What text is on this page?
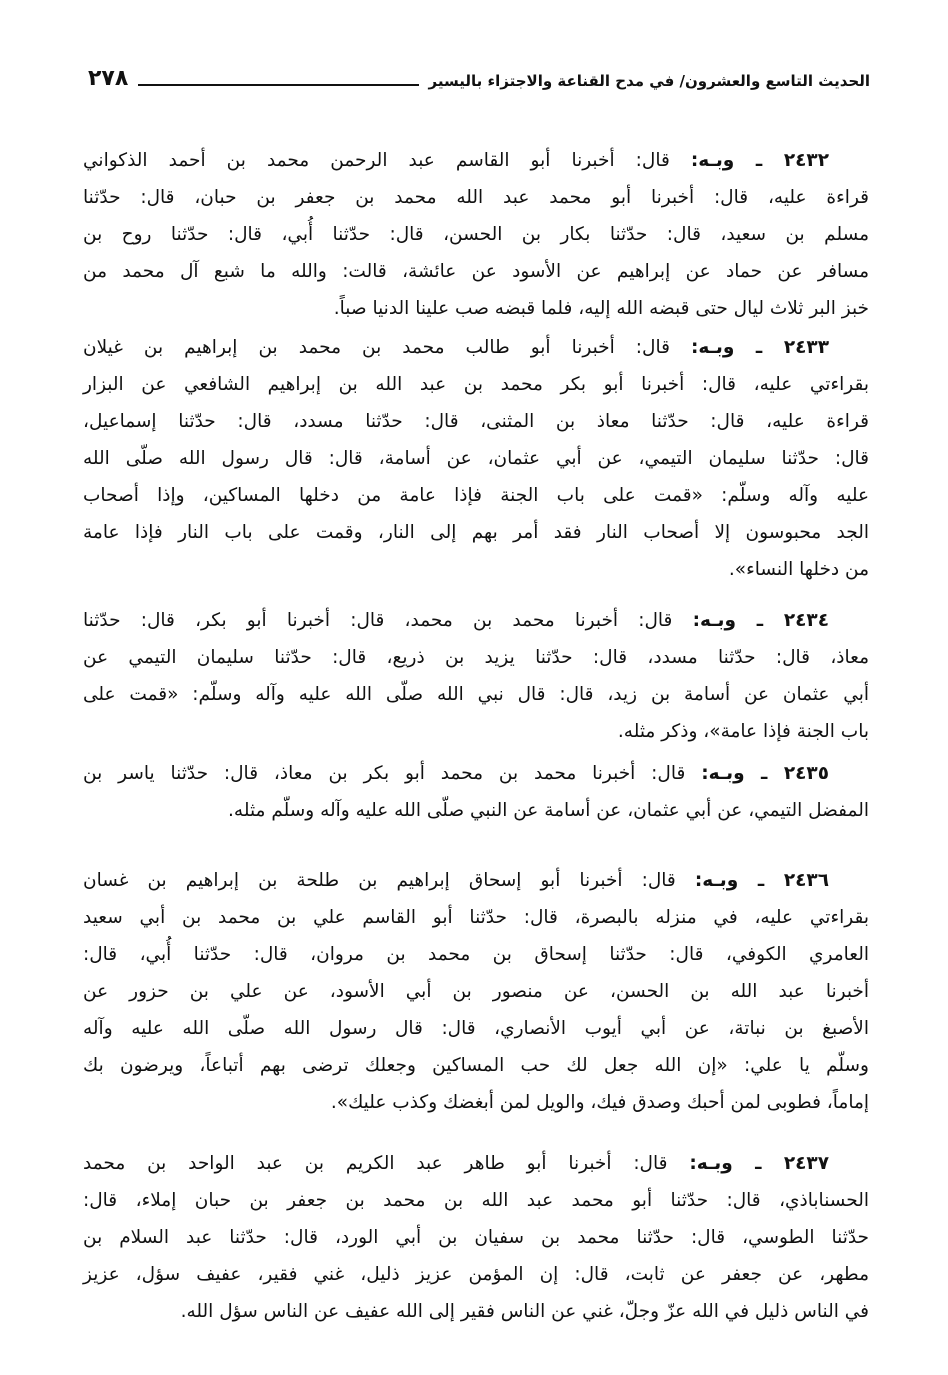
٢٧٨	الحديث التاسع والعشرون/ في مدح القناعة والاجتزاء باليسير
٢٤٣٢ ـ وبـه: قال: أخبرنا أبو القاسم عبد الرحمن محمد بن أحمد الذكواني
قراءة عليه، قال: أخبرنا أبو محمد عبد الله محمد بن جعفر بن حبان، قال: حدّثنا
مسلم بن سعيد، قال: حدّثنا بكار بن الحسن، قال: حدّثنا أُبي، قال: حدّثنا روح بن
مسافر عن حماد عن إبراهيم عن الأسود عن عائشة، قالت: والله ما شبع آل محمد من
خبز البر ثلاث ليال حتى قبضه الله إليه، فلما قبضه صب علينا الدنيا صباً.
٢٤٣٣ ـ وبـه: قال: أخبرنا أبو طالب محمد بن محمد بن إبراهيم بن غيلان
بقراءتي عليه، قال: أخبرنا أبو بكر محمد بن عبد الله بن إبراهيم الشافعي عن البزار
قراءة عليه، قال: حدّثنا معاذ بن المثنى، قال: حدّثنا مسدد، قال: حدّثنا إسماعيل،
قال: حدّثنا سليمان التيمي، عن أبي عثمان، عن أسامة، قال: قال رسول الله صلّى الله
عليه وآله وسلّم: «قمت على باب الجنة فإذا عامة من دخلها المساكين، وإذا أصحاب
الجد محبوسون إلا أصحاب النار فقد أمر بهم إلى النار، وقمت على باب النار فإذا عامة
من دخلها النساء».
٢٤٣٤ ـ وبـه: قال: أخبرنا محمد بن محمد، قال: أخبرنا أبو بكر، قال: حدّثنا
معاذ، قال: حدّثنا مسدد، قال: حدّثنا يزيد بن ذريع، قال: حدّثنا سليمان التيمي عن
أبي عثمان عن أسامة بن زيد، قال: قال نبي الله صلّى الله عليه وآله وسلّم: «قمت على
باب الجنة فإذا عامة»، وذكر مثله.
٢٤٣٥ ـ وبـه: قال: أخبرنا محمد بن محمد أبو بكر بن معاذ، قال: حدّثنا ياسر بن
المفضل التيمي، عن أبي عثمان، عن أسامة عن النبي صلّى الله عليه وآله وسلّم مثله.
٢٤٣٦ ـ وبـه: قال: أخبرنا أبو إسحاق إبراهيم بن طلحة بن إبراهيم بن غسان
بقراءتي عليه، في منزله بالبصرة، قال: حدّثنا أبو القاسم علي بن محمد بن أبي سعيد
العامري الكوفي، قال: حدّثنا إسحاق بن محمد بن مروان، قال: حدّثنا أُبي، قال:
أخبرنا عبد الله بن الحسن، عن منصور بن أبي الأسود، عن علي بن حزور عن
الأصبغ بن نباتة، عن أبي أيوب الأنصاري، قال: قال رسول الله صلّى الله عليه وآله
وسلّم يا علي: «إن الله جعل لك حب المساكين وجعلك ترضى بهم أتباعاً، ويرضون بك
إماماً، فطوبى لمن أحبك وصدق فيك، والويل لمن أبغضك وكذب عليك».
٢٤٣٧ ـ وبـه: قال: أخبرنا أبو طاهر عبد الكريم بن عبد الواحد بن محمد
الحسناباذي، قال: حدّثنا أبو محمد عبد الله بن محمد بن جعفر بن حبان إملاء، قال:
حدّثنا الطوسي، قال: حدّثنا محمد بن سفيان بن أبي الورد، قال: حدّثنا عبد السلام بن
مطهر، عن جعفر عن ثابت، قال: إن المؤمن عزيز ذليل، غني فقير، عفيف سؤل، عزيز
في الناس ذليل في الله عزّ وجلّ، غني عن الناس فقير إلى الله عفيف عن الناس سؤل الله.
